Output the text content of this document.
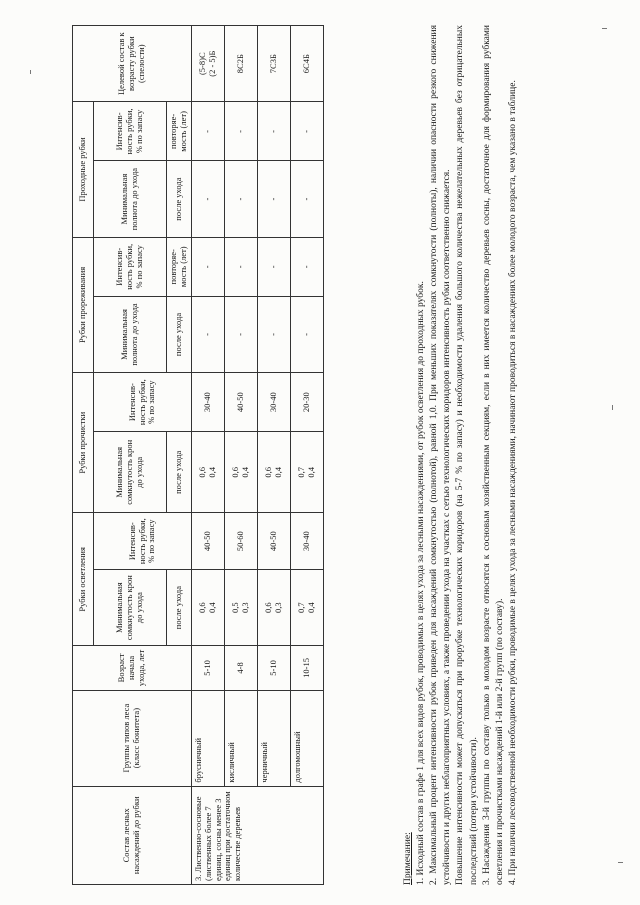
Состав лесных насаждений до рубки	Группы типов леса (класс бонитета)	Возраст начала ухода, лет	Рубки осветления		Рубки прочистки		Рубки прореживания		Проходные рубки		Целевой состав к возрасту рубки (спелости)
			Минимальная сомкнутость крон до ухода	Интенсив-ность рубки, % по запасу	Минимальная сомкнутость крон до ухода	Интенсив-ность рубки, % по запасу	Минимальная полнота до ухода	Интенсив-ность рубки, % по запасу	Минимальная полнота до ухода	Интенсив-ность рубки, % по запасу	
			после ухода		после ухода		после ухода	повторяе-мость (лет)	после ухода	повторяе-мость (лет)	
3. Лиственно-сосновые (лиственных более 7 единиц, сосны менее 3 единиц при достаточном количестве деревьев	брусничный	5-10	0,6 0,4	40-50	0,6 0,4	30-40	-	-	-	-	(5-8)С (2 - 5)Б

	кисличный	4-8	0,5 0,3	50-60	0,6 0,4	40-50	-	-	-	-	8С2Б
	черничный	5-10	0,6 0,3	40-50	0,6 0,4	30-40	-	-	-	-	7С3Б
	долгомошный	10-15	0,7 0,4	30-40	0,7 0,4	20-30	-	-	-	-	6С4Б

Примечание: 1. Исходный состав в графе 1 для всех видов рубок, проводимых в целях ухода за лесными насаждениями, от рубок осветления до проходных рубок. 2. Максимальный процент интенсивности рубок приведен для насаждений сомкнутостью (полнотой), равной 1,0. При меньших показателях сомкнутости (полноты), наличии опасности резкого снижения устойчивости и других неблагоприятных условиях, а также проведении ухода на участках с сетью технологических коридоров интенсивность рубки соответственно снижается. Повышение интенсивности может допускаться при прорубке технологических коридоров (на 5-7 % по запасу) и необходимости удаления большого количества нежелательных деревьев без отрицательных последствий (потери устойчивости). 3. Насаждения 3-й группы по составу только в молодом возрасте относятся к сосновым хозяйственным секциям, если в них имеется количество деревьев сосны, достаточное для формирования рубками осветления и прочистками насаждений 1-й или 2-й групп (по составу). 4. При наличии лесоводственной необходимости рубки, проводимые в целях ухода за лесными насаждениями, начинают проводиться в насаждениях более молодого возраста, чем указано в таблице.
